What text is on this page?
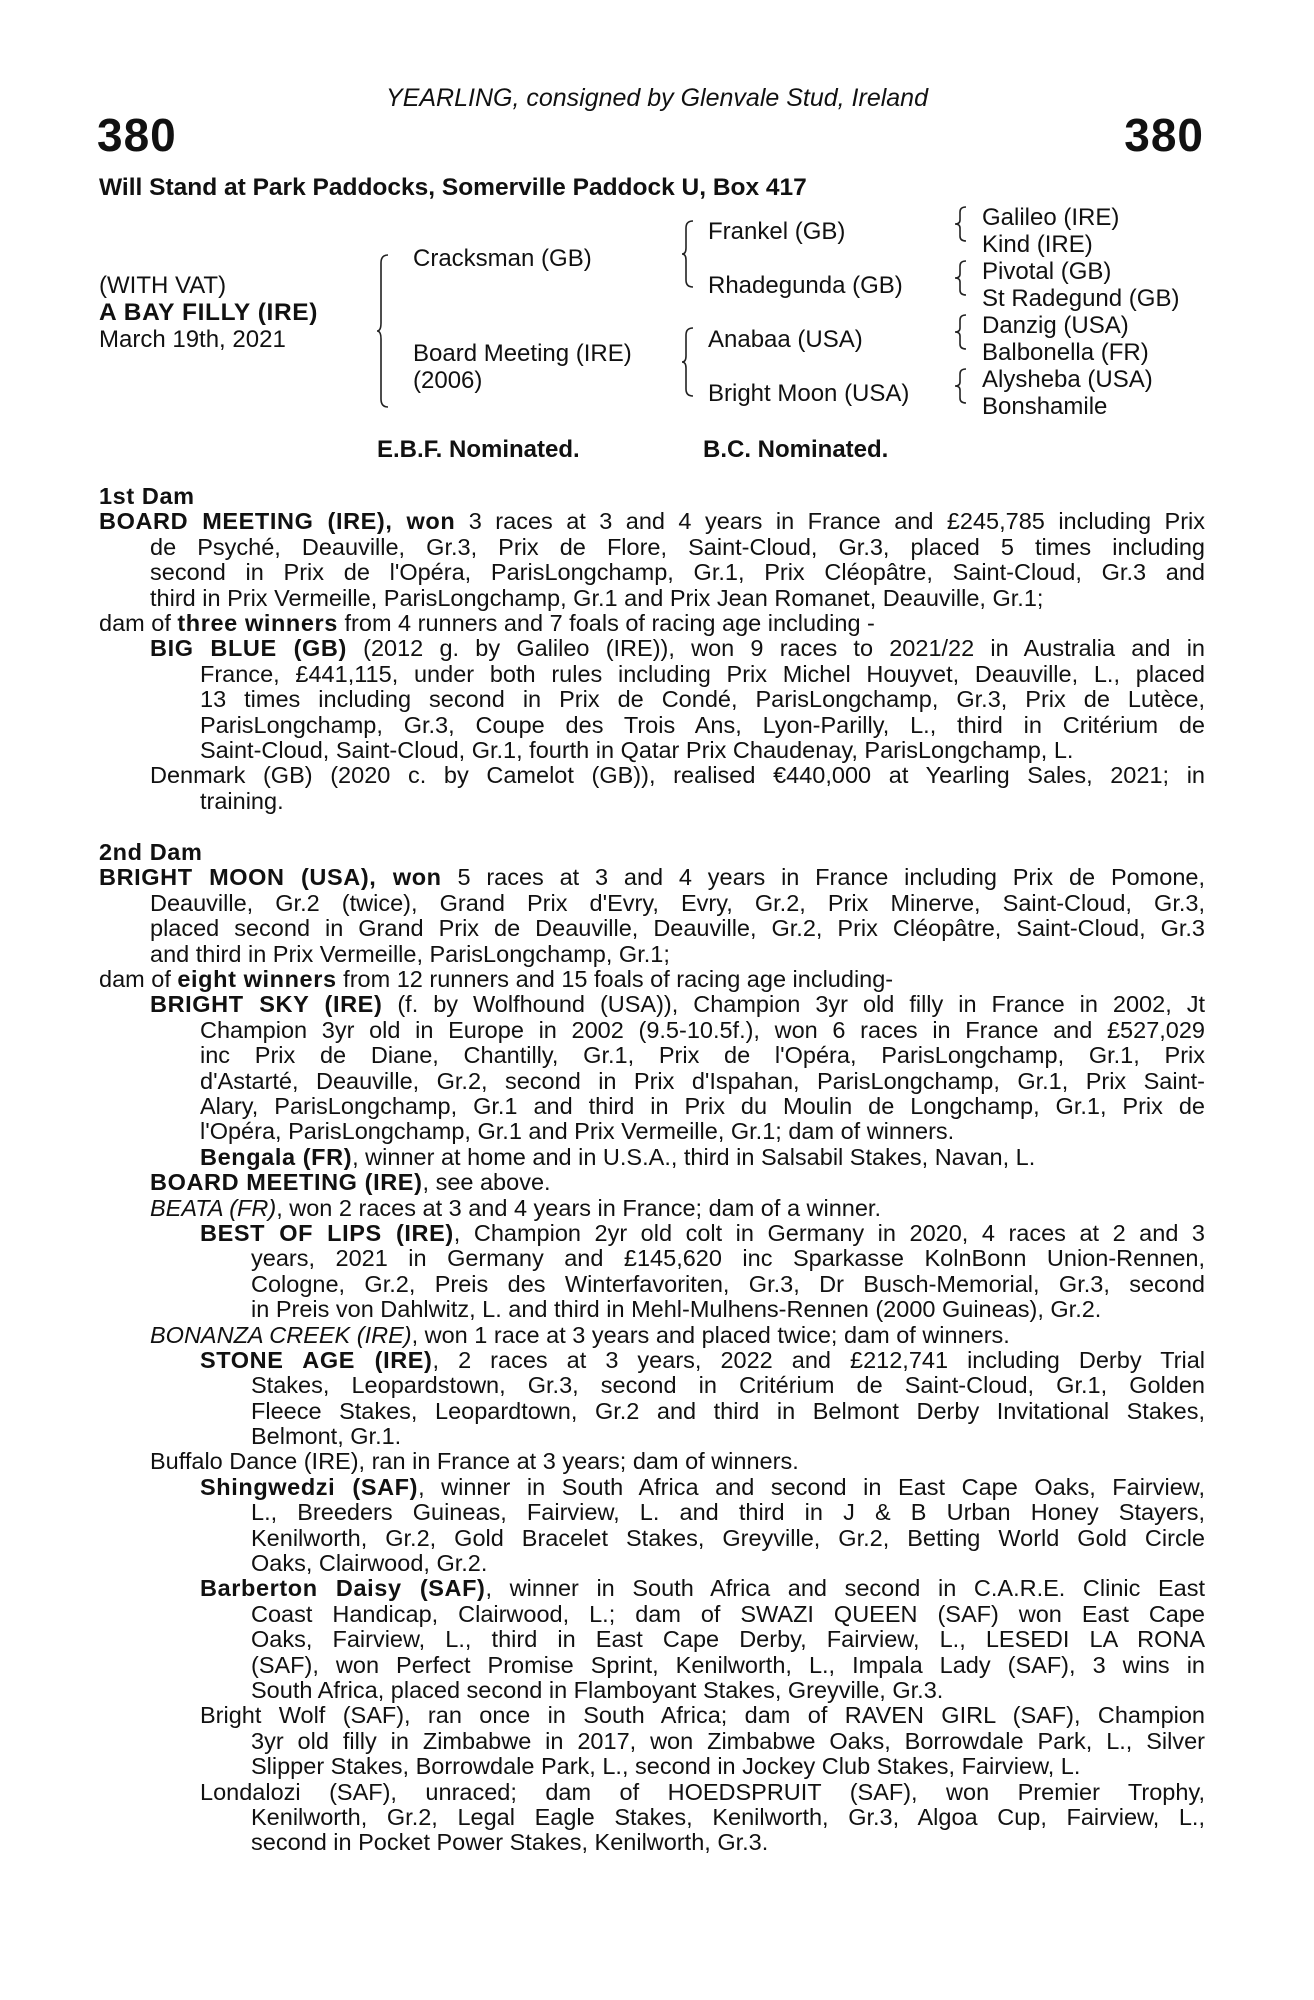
YEARLING, consigned by Glenvale Stud, Ireland
380	380
Will Stand at Park Paddocks, Somerville Paddock U, Box 417
(WITH VAT)
A BAY FILLY (IRE)
March 19th, 2021
Cracksman (GB)
Board Meeting (IRE)
(2006)
Frankel (GB)
Rhadegunda (GB)
Anabaa (USA)
Bright Moon (USA)
Galileo (IRE)
Kind (IRE)
Pivotal (GB)
St Radegund (GB)
Danzig (USA)
Balbonella (FR)
Alysheba (USA)
Bonshamile
E.B.F. Nominated.	B.C. Nominated.
1st Dam
BOARD MEETING (IRE), won 3 races at 3 and 4 years in France and £245,785 including Prix
de Psyché, Deauville, Gr.3, Prix de Flore, Saint-Cloud, Gr.3, placed 5 times including
second in Prix de l'Opéra, ParisLongchamp, Gr.1, Prix Cléopâtre, Saint-Cloud, Gr.3 and
third in Prix Vermeille, ParisLongchamp, Gr.1 and Prix Jean Romanet, Deauville, Gr.1;
dam of three winners from 4 runners and 7 foals of racing age including -
BIG BLUE (GB) (2012 g. by Galileo (IRE)), won 9 races to 2021/22 in Australia and in
France, £441,115, under both rules including Prix Michel Houyvet, Deauville, L., placed
13 times including second in Prix de Condé, ParisLongchamp, Gr.3, Prix de Lutèce,
ParisLongchamp, Gr.3, Coupe des Trois Ans, Lyon-Parilly, L., third in Critérium de
Saint-Cloud, Saint-Cloud, Gr.1, fourth in Qatar Prix Chaudenay, ParisLongchamp, L.
Denmark (GB) (2020 c. by Camelot (GB)), realised €440,000 at Yearling Sales, 2021; in
training.
2nd Dam
BRIGHT MOON (USA), won 5 races at 3 and 4 years in France including Prix de Pomone,
Deauville, Gr.2 (twice), Grand Prix d'Evry, Evry, Gr.2, Prix Minerve, Saint-Cloud, Gr.3,
placed second in Grand Prix de Deauville, Deauville, Gr.2, Prix Cléopâtre, Saint-Cloud, Gr.3
and third in Prix Vermeille, ParisLongchamp, Gr.1;
dam of eight winners from 12 runners and 15 foals of racing age including-
BRIGHT SKY (IRE) (f. by Wolfhound (USA)), Champion 3yr old filly in France in 2002, Jt
Champion 3yr old in Europe in 2002 (9.5-10.5f.), won 6 races in France and £527,029
inc Prix de Diane, Chantilly, Gr.1, Prix de l'Opéra, ParisLongchamp, Gr.1, Prix
d'Astarté, Deauville, Gr.2, second in Prix d'Ispahan, ParisLongchamp, Gr.1, Prix Saint-
Alary, ParisLongchamp, Gr.1 and third in Prix du Moulin de Longchamp, Gr.1, Prix de
l'Opéra, ParisLongchamp, Gr.1 and Prix Vermeille, Gr.1; dam of winners.
Bengala (FR), winner at home and in U.S.A., third in Salsabil Stakes, Navan, L.
BOARD MEETING (IRE), see above.
BEATA (FR), won 2 races at 3 and 4 years in France; dam of a winner.
BEST OF LIPS (IRE), Champion 2yr old colt in Germany in 2020, 4 races at 2 and 3
years, 2021 in Germany and £145,620 inc Sparkasse KolnBonn Union-Rennen,
Cologne, Gr.2, Preis des Winterfavoriten, Gr.3, Dr Busch-Memorial, Gr.3, second
in Preis von Dahlwitz, L. and third in Mehl-Mulhens-Rennen (2000 Guineas), Gr.2.
BONANZA CREEK (IRE), won 1 race at 3 years and placed twice; dam of winners.
STONE AGE (IRE), 2 races at 3 years, 2022 and £212,741 including Derby Trial
Stakes, Leopardstown, Gr.3, second in Critérium de Saint-Cloud, Gr.1, Golden
Fleece Stakes, Leopardtown, Gr.2 and third in Belmont Derby Invitational Stakes,
Belmont, Gr.1.
Buffalo Dance (IRE), ran in France at 3 years; dam of winners.
Shingwedzi (SAF), winner in South Africa and second in East Cape Oaks, Fairview,
L., Breeders Guineas, Fairview, L. and third in J & B Urban Honey Stayers,
Kenilworth, Gr.2, Gold Bracelet Stakes, Greyville, Gr.2, Betting World Gold Circle
Oaks, Clairwood, Gr.2.
Barberton Daisy (SAF), winner in South Africa and second in C.A.R.E. Clinic East
Coast Handicap, Clairwood, L.; dam of SWAZI QUEEN (SAF) won East Cape
Oaks, Fairview, L., third in East Cape Derby, Fairview, L., LESEDI LA RONA
(SAF), won Perfect Promise Sprint, Kenilworth, L., Impala Lady (SAF), 3 wins in
South Africa, placed second in Flamboyant Stakes, Greyville, Gr.3.
Bright Wolf (SAF), ran once in South Africa; dam of RAVEN GIRL (SAF), Champion
3yr old filly in Zimbabwe in 2017, won Zimbabwe Oaks, Borrowdale Park, L., Silver
Slipper Stakes, Borrowdale Park, L., second in Jockey Club Stakes, Fairview, L.
Londalozi (SAF), unraced; dam of HOEDSPRUIT (SAF), won Premier Trophy,
Kenilworth, Gr.2, Legal Eagle Stakes, Kenilworth, Gr.3, Algoa Cup, Fairview, L.,
second in Pocket Power Stakes, Kenilworth, Gr.3.
